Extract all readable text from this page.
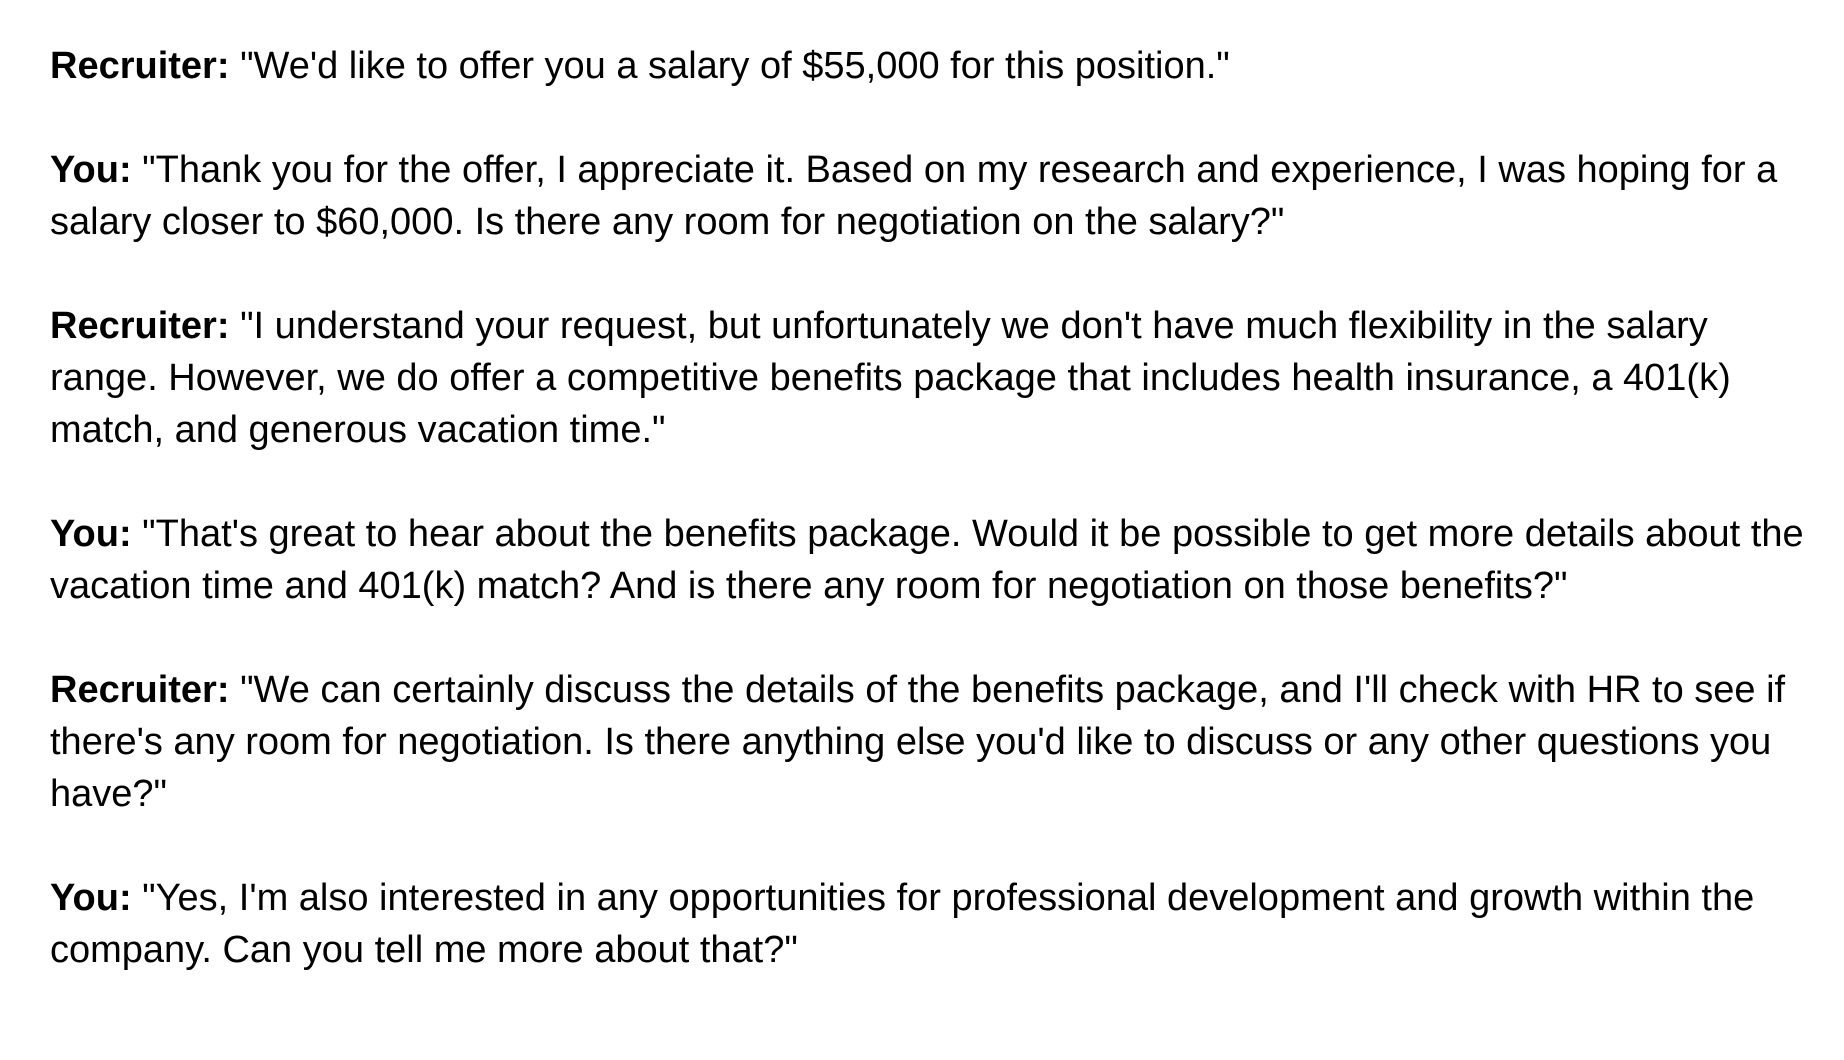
Recruiter: "We'd like to offer you a salary of $55,000 for this position."

You: "Thank you for the offer, I appreciate it. Based on my research and experience, I was hoping for a salary closer to $60,000. Is there any room for negotiation on the salary?"

Recruiter: "I understand your request, but unfortunately we don't have much flexibility in the salary range. However, we do offer a competitive benefits package that includes health insurance, a 401(k) match, and generous vacation time."

You: "That's great to hear about the benefits package. Would it be possible to get more details about the vacation time and 401(k) match? And is there any room for negotiation on those benefits?"

Recruiter: "We can certainly discuss the details of the benefits package, and I'll check with HR to see if there's any room for negotiation. Is there anything else you'd like to discuss or any other questions you have?"

You: "Yes, I'm also interested in any opportunities for professional development and growth within the company. Can you tell me more about that?"
